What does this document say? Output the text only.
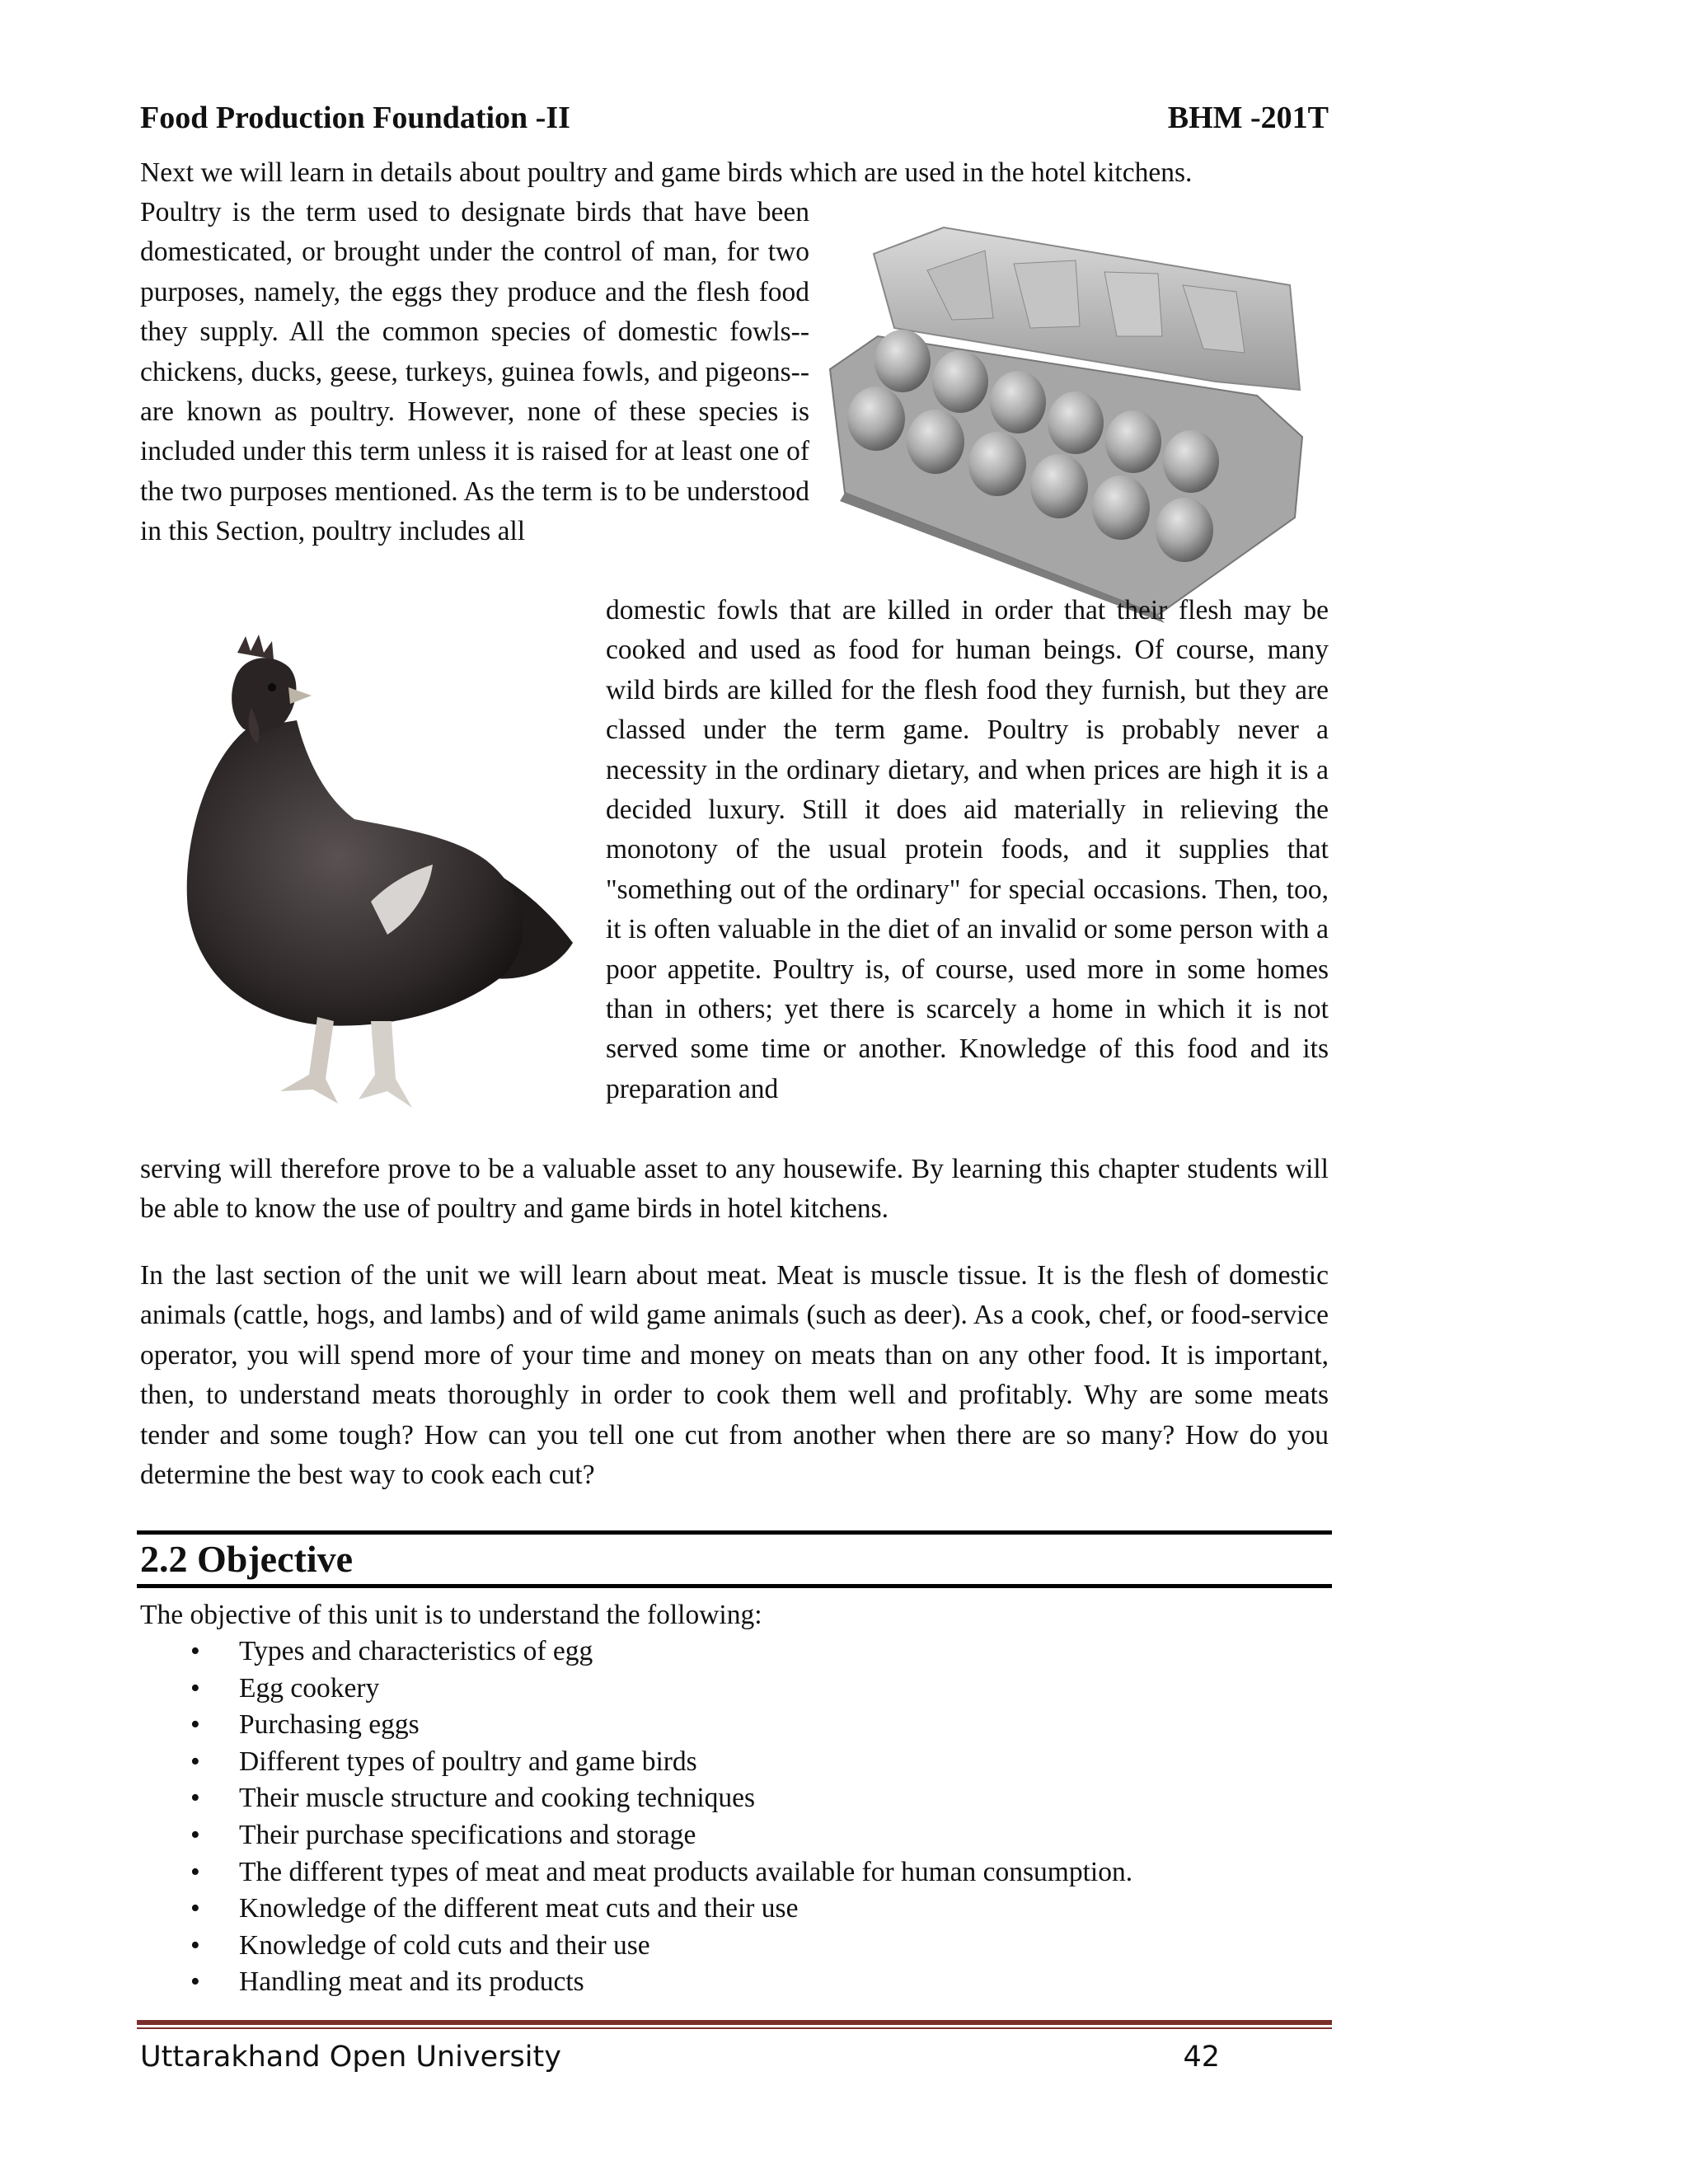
Food Production Foundation -II	BHM -201T

Next we will learn in details about poultry and game birds which are used in the hotel kitchens.

Poultry is the term used to designate birds that have been domesticated, or brought under the control of man, for two purposes, namely, the eggs they produce and the flesh food they supply. All the common species of domestic fowls--chickens, ducks, geese, turkeys, guinea fowls, and pigeons--are known as poultry. However, none of these species is included under this term unless it is raised for at least one of the two purposes mentioned. As the term is to be understood in this Section, poultry includes all

domestic fowls that are killed in order that their flesh may be cooked and used as food for human beings. Of course, many wild birds are killed for the flesh food they furnish, but they are classed under the term game. Poultry is probably never a necessity in the ordinary dietary, and when prices are high it is a decided luxury. Still it does aid materially in relieving the monotony of the usual protein foods, and it supplies that "something out of the ordinary" for special occasions. Then, too, it is often valuable in the diet of an invalid or some person with a poor appetite. Poultry is, of course, used more in some homes than in others; yet there is scarcely a home in which it is not served some time or another. Knowledge of this food and its preparation and

serving will therefore prove to be a valuable asset to any housewife. By learning this chapter students will be able to know the use of poultry and game birds in hotel kitchens.

In the last section of the unit we will learn about meat. Meat is muscle tissue. It is the flesh of domestic animals (cattle, hogs, and lambs) and of wild game animals (such as deer). As a cook, chef, or food-service operator, you will spend more of your time and money on meats than on any other food. It is important, then, to understand meats thoroughly in order to cook them well and profitably. Why are some meats tender and some tough? How can you tell one cut from another when there are so many? How do you determine the best way to cook each cut?

2.2 Objective

The objective of this unit is to understand the following:

• Types and characteristics of egg
• Egg cookery
• Purchasing eggs
• Different types of poultry and game birds
• Their muscle structure and cooking techniques
• Their purchase specifications and storage
• The different types of meat and meat products available for human consumption.
• Knowledge of the different meat cuts and their use
• Knowledge of cold cuts and their use
• Handling meat and its products
Uttarakhand Open University	42
